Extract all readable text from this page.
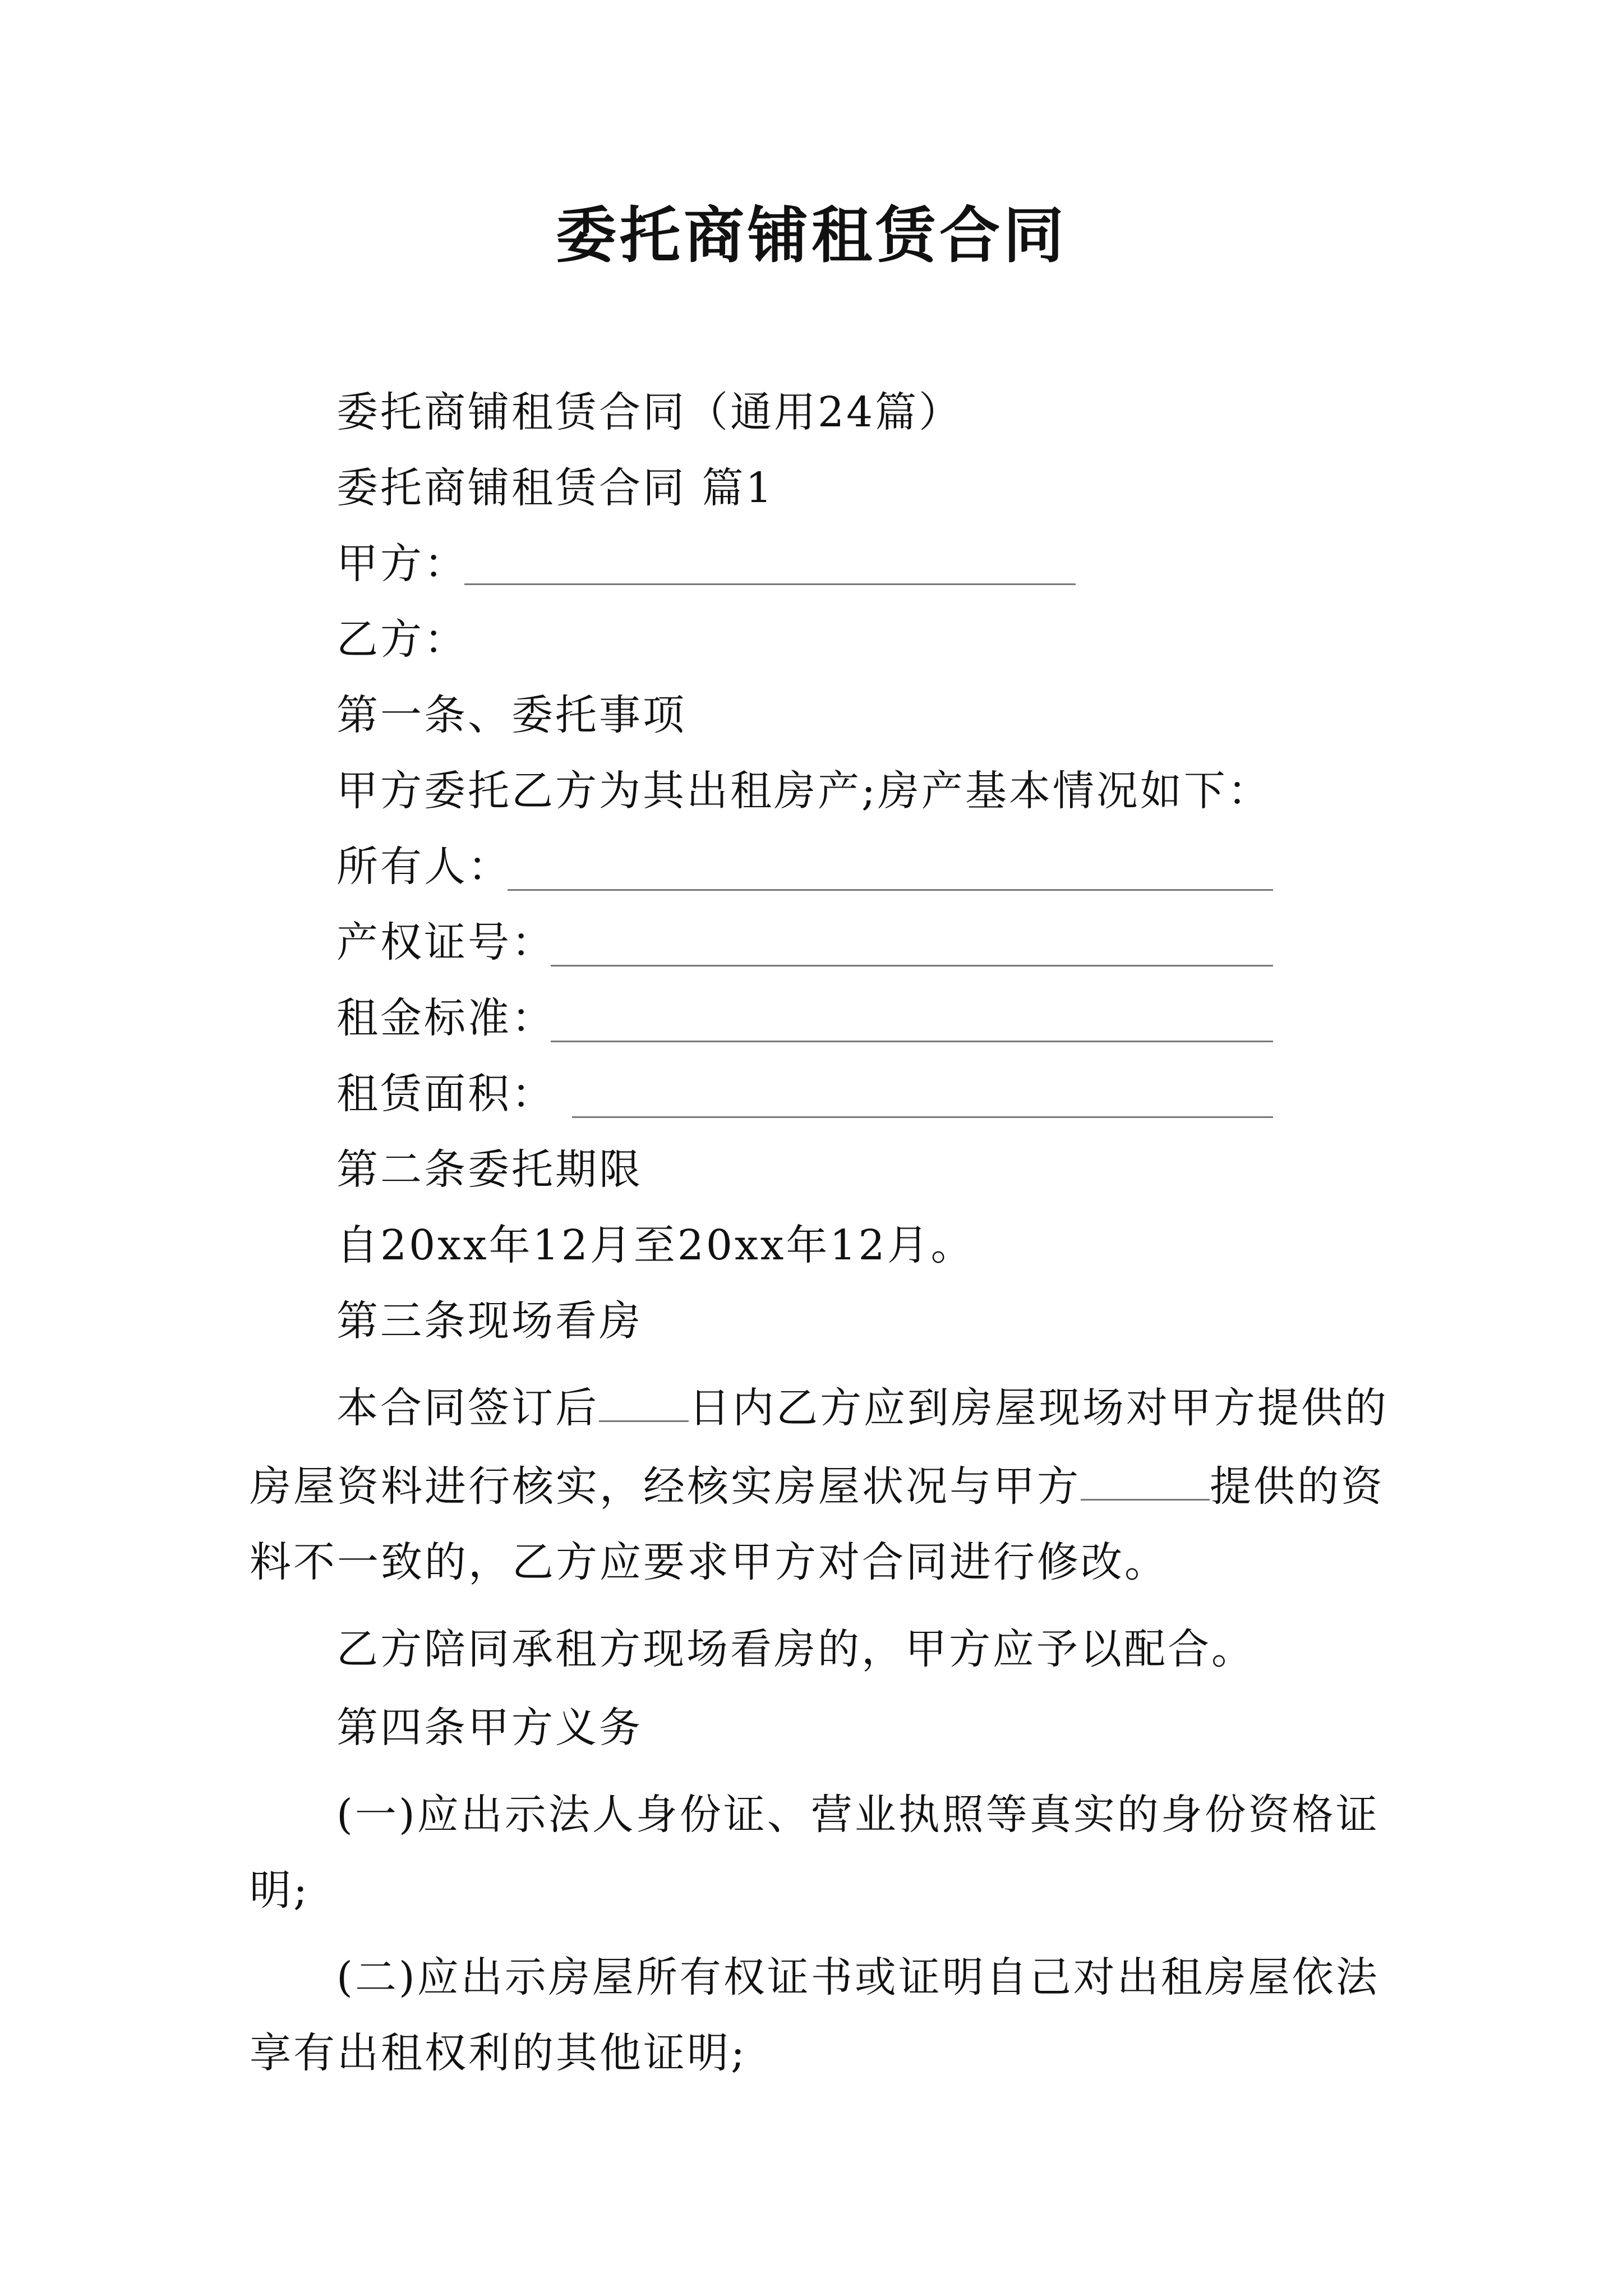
委托商铺租赁合同
委托商铺租赁合同（通用24篇）
委托商铺租赁合同 篇1
甲方：
乙方：
第一条、委托事项
甲方委托乙方为其出租房产;房产基本情况如下：
所有人：
产权证号：
租金标准：
租赁面积：
第二条委托期限
自20xx年12月至20xx年12月。
第三条现场看房
本合同签订后 日内乙方应到房屋现场对甲方提供的
房屋资料进行核实，经核实房屋状况与甲方	提供的资
料不一致的，乙方应要求甲方对合同进行修改。
乙方陪同承租方现场看房的，甲方应予以配合。
第四条甲方义务
(一)应出示法人身份证、营业执照等真实的身份资格证
明;
(二)应出示房屋所有权证书或证明自己对出租房屋依法
享有出租权利的其他证明;
